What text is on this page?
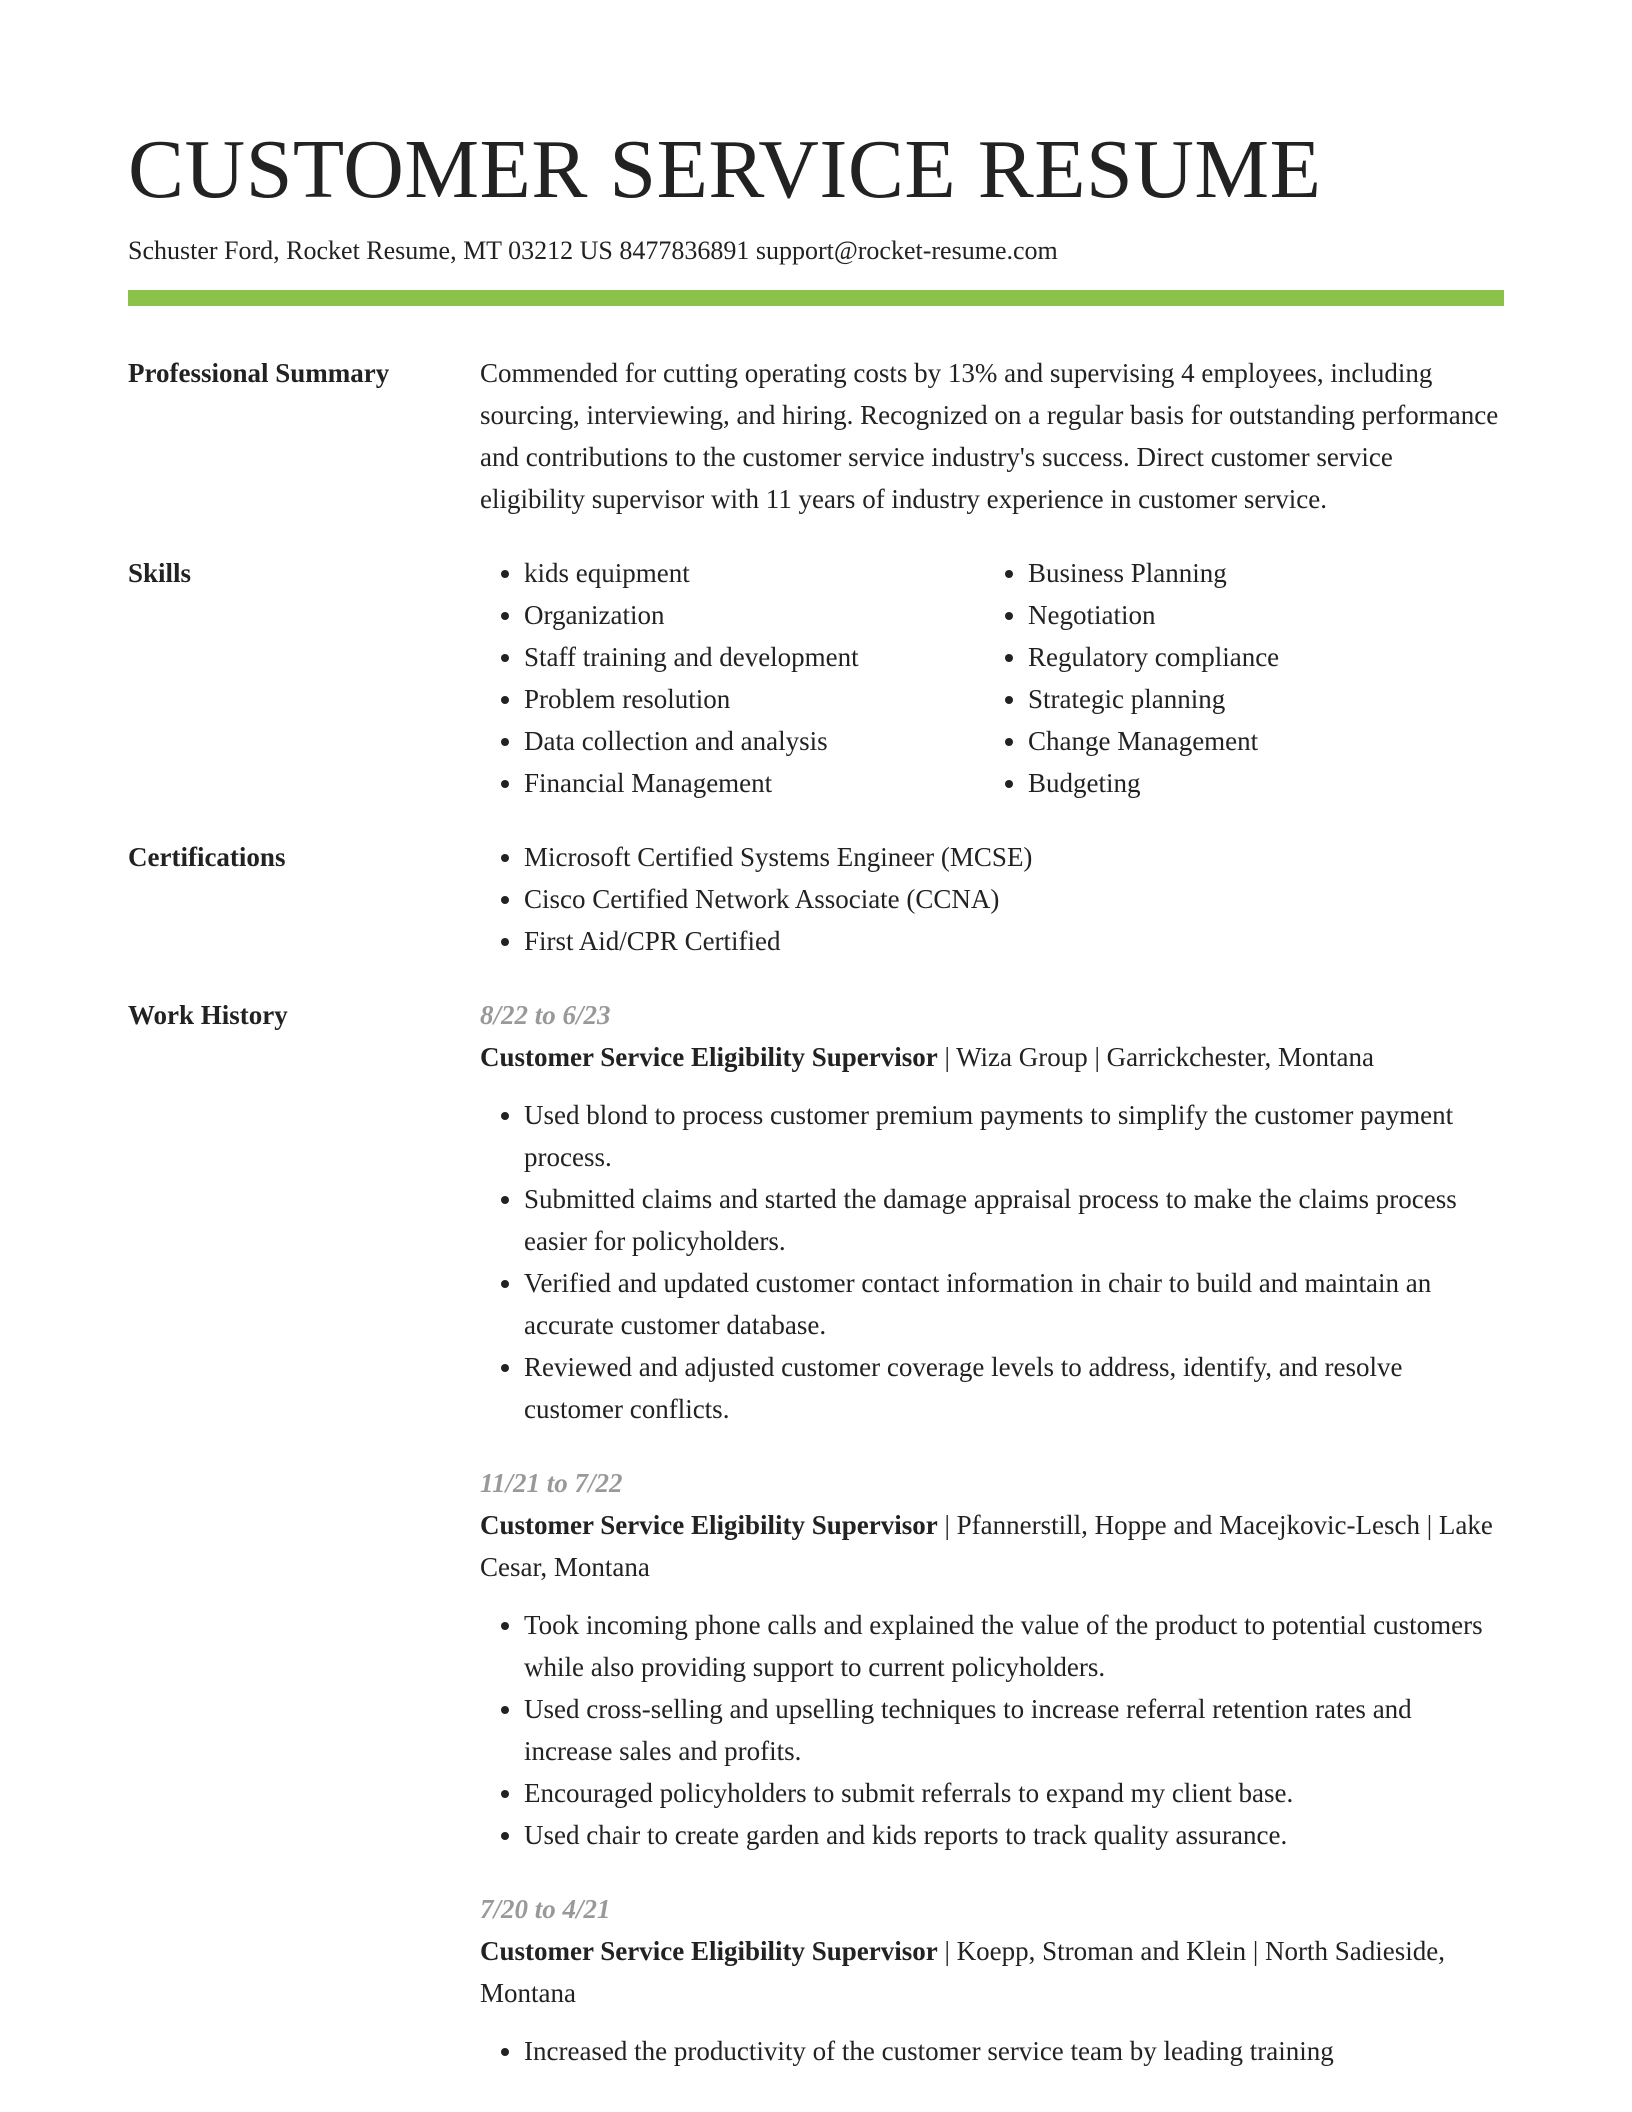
CUSTOMER SERVICE RESUME
Schuster Ford, Rocket Resume, MT 03212 US 8477836891 support@rocket-resume.com
Professional Summary	Commended for cutting operating costs by 13% and supervising 4 employees, including sourcing, interviewing, and hiring. Recognized on a regular basis for outstanding performance and contributions to the customer service industry's success. Direct customer service eligibility supervisor with 11 years of industry experience in customer service.

Skills	• kids equipment
• Organization
• Staff training and development
• Problem resolution
• Data collection and analysis
• Financial Management
• Business Planning
• Negotiation
• Regulatory compliance
• Strategic planning
• Change Management
• Budgeting
Certifications	• Microsoft Certified Systems Engineer (MCSE)
• Cisco Certified Network Associate (CCNA)
• First Aid/CPR Certified
Work History	8/22 to 6/23
Customer Service Eligibility Supervisor | Wiza Group | Garrickchester, Montana
• Used blond to process customer premium payments to simplify the customer payment process.
• Submitted claims and started the damage appraisal process to make the claims process easier for policyholders.
• Verified and updated customer contact information in chair to build and maintain an accurate customer database.
• Reviewed and adjusted customer coverage levels to address, identify, and resolve customer conflicts.
11/21 to 7/22
Customer Service Eligibility Supervisor | Pfannerstill, Hoppe and Macejkovic-Lesch | Lake Cesar, Montana
• Took incoming phone calls and explained the value of the product to potential customers while also providing support to current policyholders.
• Used cross-selling and upselling techniques to increase referral retention rates and increase sales and profits.
• Encouraged policyholders to submit referrals to expand my client base.
• Used chair to create garden and kids reports to track quality assurance.
7/20 to 4/21
Customer Service Eligibility Supervisor | Koepp, Stroman and Klein | North Sadieside, Montana
• Increased the productivity of the customer service team by leading training
